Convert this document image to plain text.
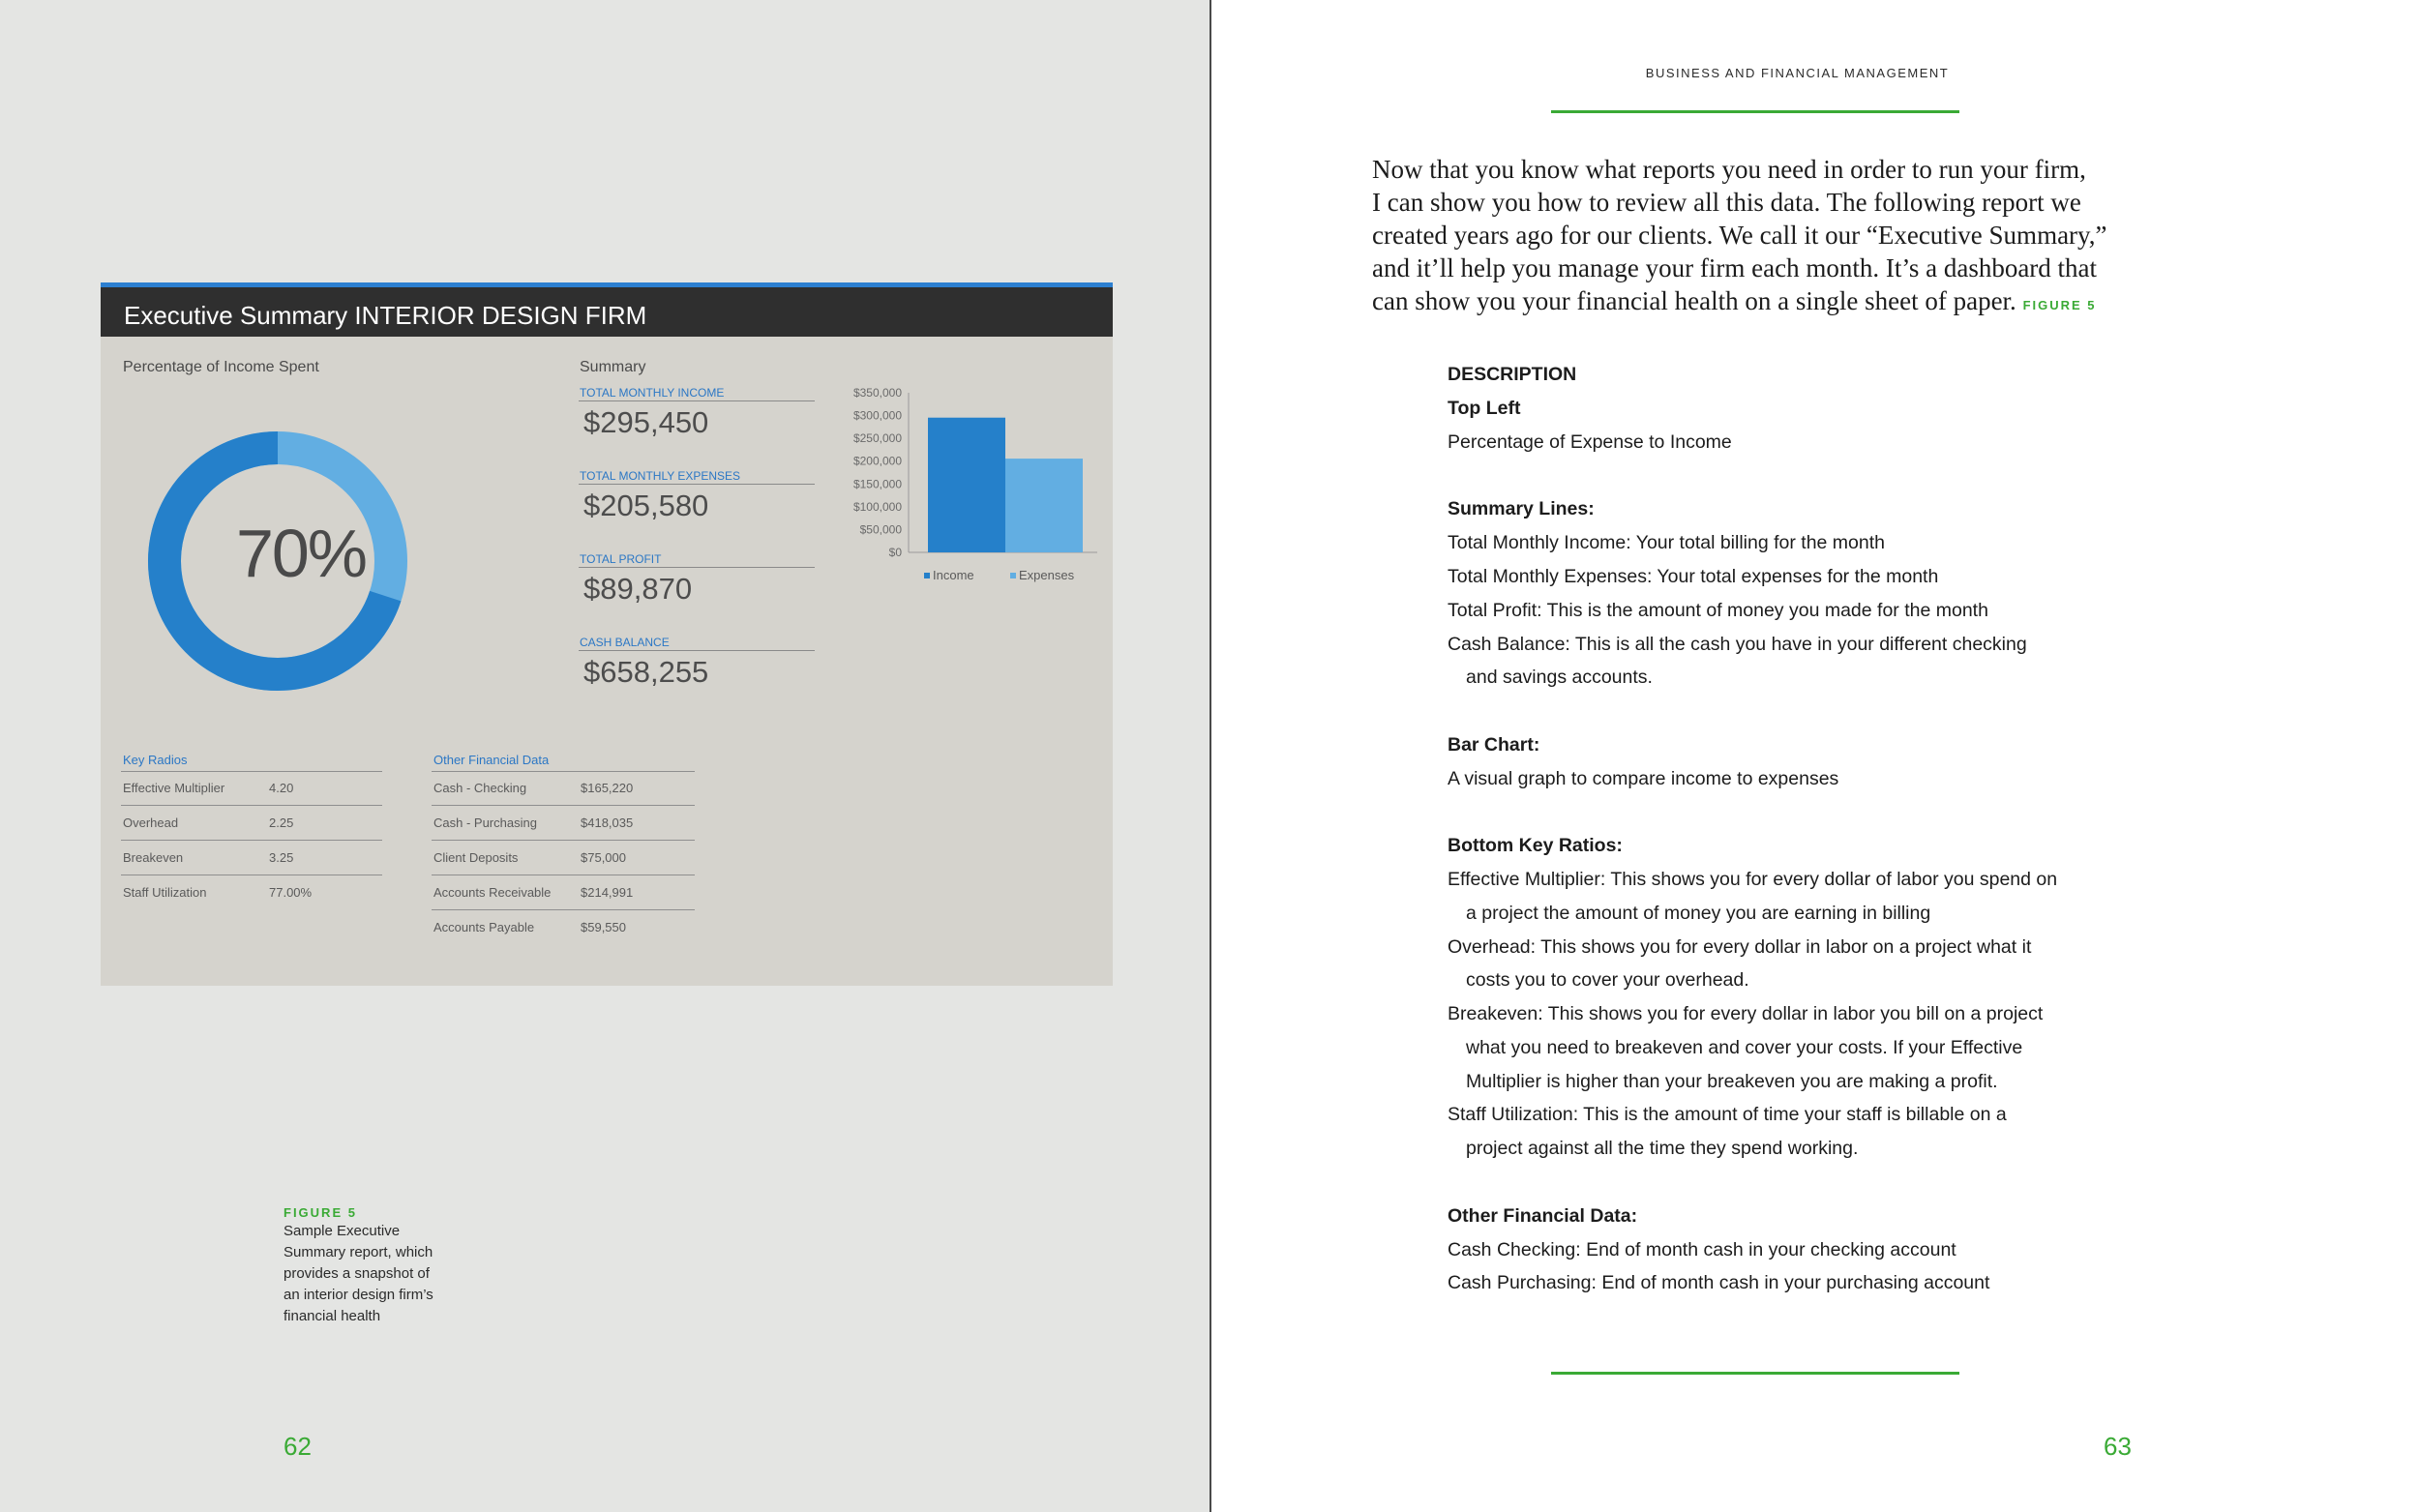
Executive Summary INTERIOR DESIGN FIRM
Percentage of Income Spent
70%
Summary
TOTAL MONTHLY INCOME
$295,450
TOTAL MONTHLY EXPENSES
$205,580
TOTAL PROFIT
$89,870
CASH BALANCE
$658,255
$0
$50,000
$100,000
$150,000
$200,000
$250,000
$300,000
$350,000
Income	Expenses
Key Radios
Effective Multiplier	4.20
Overhead	2.25
Breakeven	3.25
Staff Utilization	77.00%
Other Financial Data
Cash - Checking	$165,220
Cash - Purchasing	$418,035
Client Deposits	$75,000
Accounts Receivable $214,991
Accounts Payable	$59,550
FIGURE 5
Sample Executive
Summary report, which
provides a snapshot of
an interior design firm’s
financial health
62
BUSINESS AND FINANCIAL MANAGEMENT
Now that you know what reports you need in order to run your firm,
I can show you how to review all this data. The following report we
created years ago for our clients. We call it our “Executive Summary,”
and it’ll help you manage your firm each month. It’s a dashboard that
can show you your financial health on a single sheet of paper. FIGURE 5
DESCRIPTION
Top Left
Percentage of Expense to Income
Summary Lines:
Total Monthly Income: Your total billing for the month
Total Monthly Expenses: Your total expenses for the month
Total Profit: This is the amount of money you made for the month
Cash Balance: This is all the cash you have in your different checking
and savings accounts.
Bar Chart:
A visual graph to compare income to expenses
Bottom Key Ratios:
Effective Multiplier: This shows you for every dollar of labor you spend on
a project the amount of money you are earning in billing
Overhead: This shows you for every dollar in labor on a project what it
costs you to cover your overhead.
Breakeven: This shows you for every dollar in labor you bill on a project
what you need to breakeven and cover your costs. If your Effective
Multiplier is higher than your breakeven you are making a profit.
Staff Utilization: This is the amount of time your staff is billable on a
project against all the time they spend working.
Other Financial Data:
Cash Checking: End of month cash in your checking account
Cash Purchasing: End of month cash in your purchasing account
63
